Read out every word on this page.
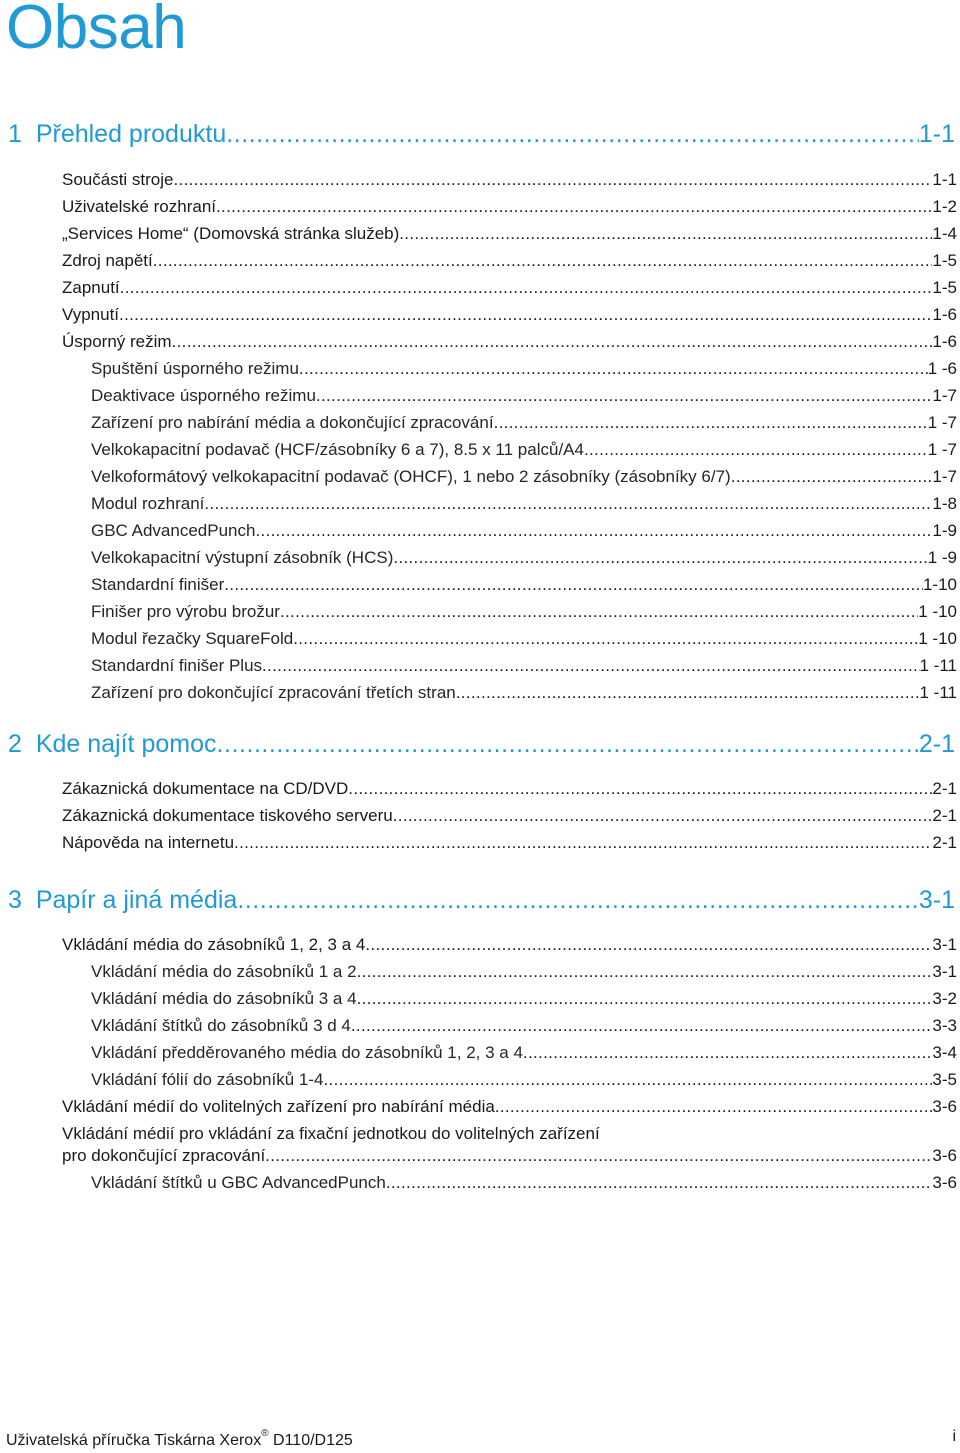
Obsah
1 Přehled produktu . . .	1-1
Součásti stroje . . .	1-1
Uživatelské rozhraní . . .	1-2
„Services Home“ (Domovská stránka služeb) . . .	1-4
Zdroj napětí . . .	1-5
Zapnutí . . .	1-5
Vypnutí . . .	1-6
Úsporný režim . . .	1-6
Spuštění úsporného režimu . . .	1 -6
Deaktivace úsporného režimu . . .	1-7
Zařízení pro nabírání média a dokončující zpracování . . .	1 -7
Velkokapacitní podavač (HCF/zásobníky 6 a 7), 8.5 x 11 palců/A4 . . .	1 -7
Velkoformátový velkokapacitní podavač (OHCF), 1 nebo 2 zásobníky (zásobníky 6/7) . . .	1-7
Modul rozhraní . . .	1-8
GBC AdvancedPunch . . .	1-9
Velkokapacitní výstupní zásobník (HCS) . . .	1 -9
Standardní finišer . . .	1-10
Finišer pro výrobu brožur . . .	1 -10
Modul řezačky SquareFold . . .	1 -10
Standardní finišer Plus . . .	1 -11
Zařízení pro dokončující zpracování třetích stran . . .	1 -11
2 Kde najít pomoc . . .	2-1
Zákaznická dokumentace na CD/DVD . . .	2-1
Zákaznická dokumentace tiskového serveru . . .	2-1
Nápověda na internetu . . .	2-1
3 Papír a jiná média . . .	3-1
Vkládání média do zásobníků 1, 2, 3 a 4 . . .	3-1
Vkládání média do zásobníků 1 a 2 . . .	3-1
Vkládání média do zásobníků 3 a 4 . . .	3-2
Vkládání štítků do zásobníků 3 d 4 . . .	3-3
Vkládání předděrovaného média do zásobníků 1, 2, 3 a 4 . . .	3-4
Vkládání fólií do zásobníků 1-4 . . .	3-5
Vkládání médií do volitelných zařízení pro nabírání média . . .	3-6
Vkládání médií pro vkládání za fixační jednotkou do volitelných zařízení
pro dokončující zpracování . . .	3-6
Vkládání štítků u GBC AdvancedPunch . . .	3-6
Uživatelská příručka Tiskárna Xerox® D110/D125	i
